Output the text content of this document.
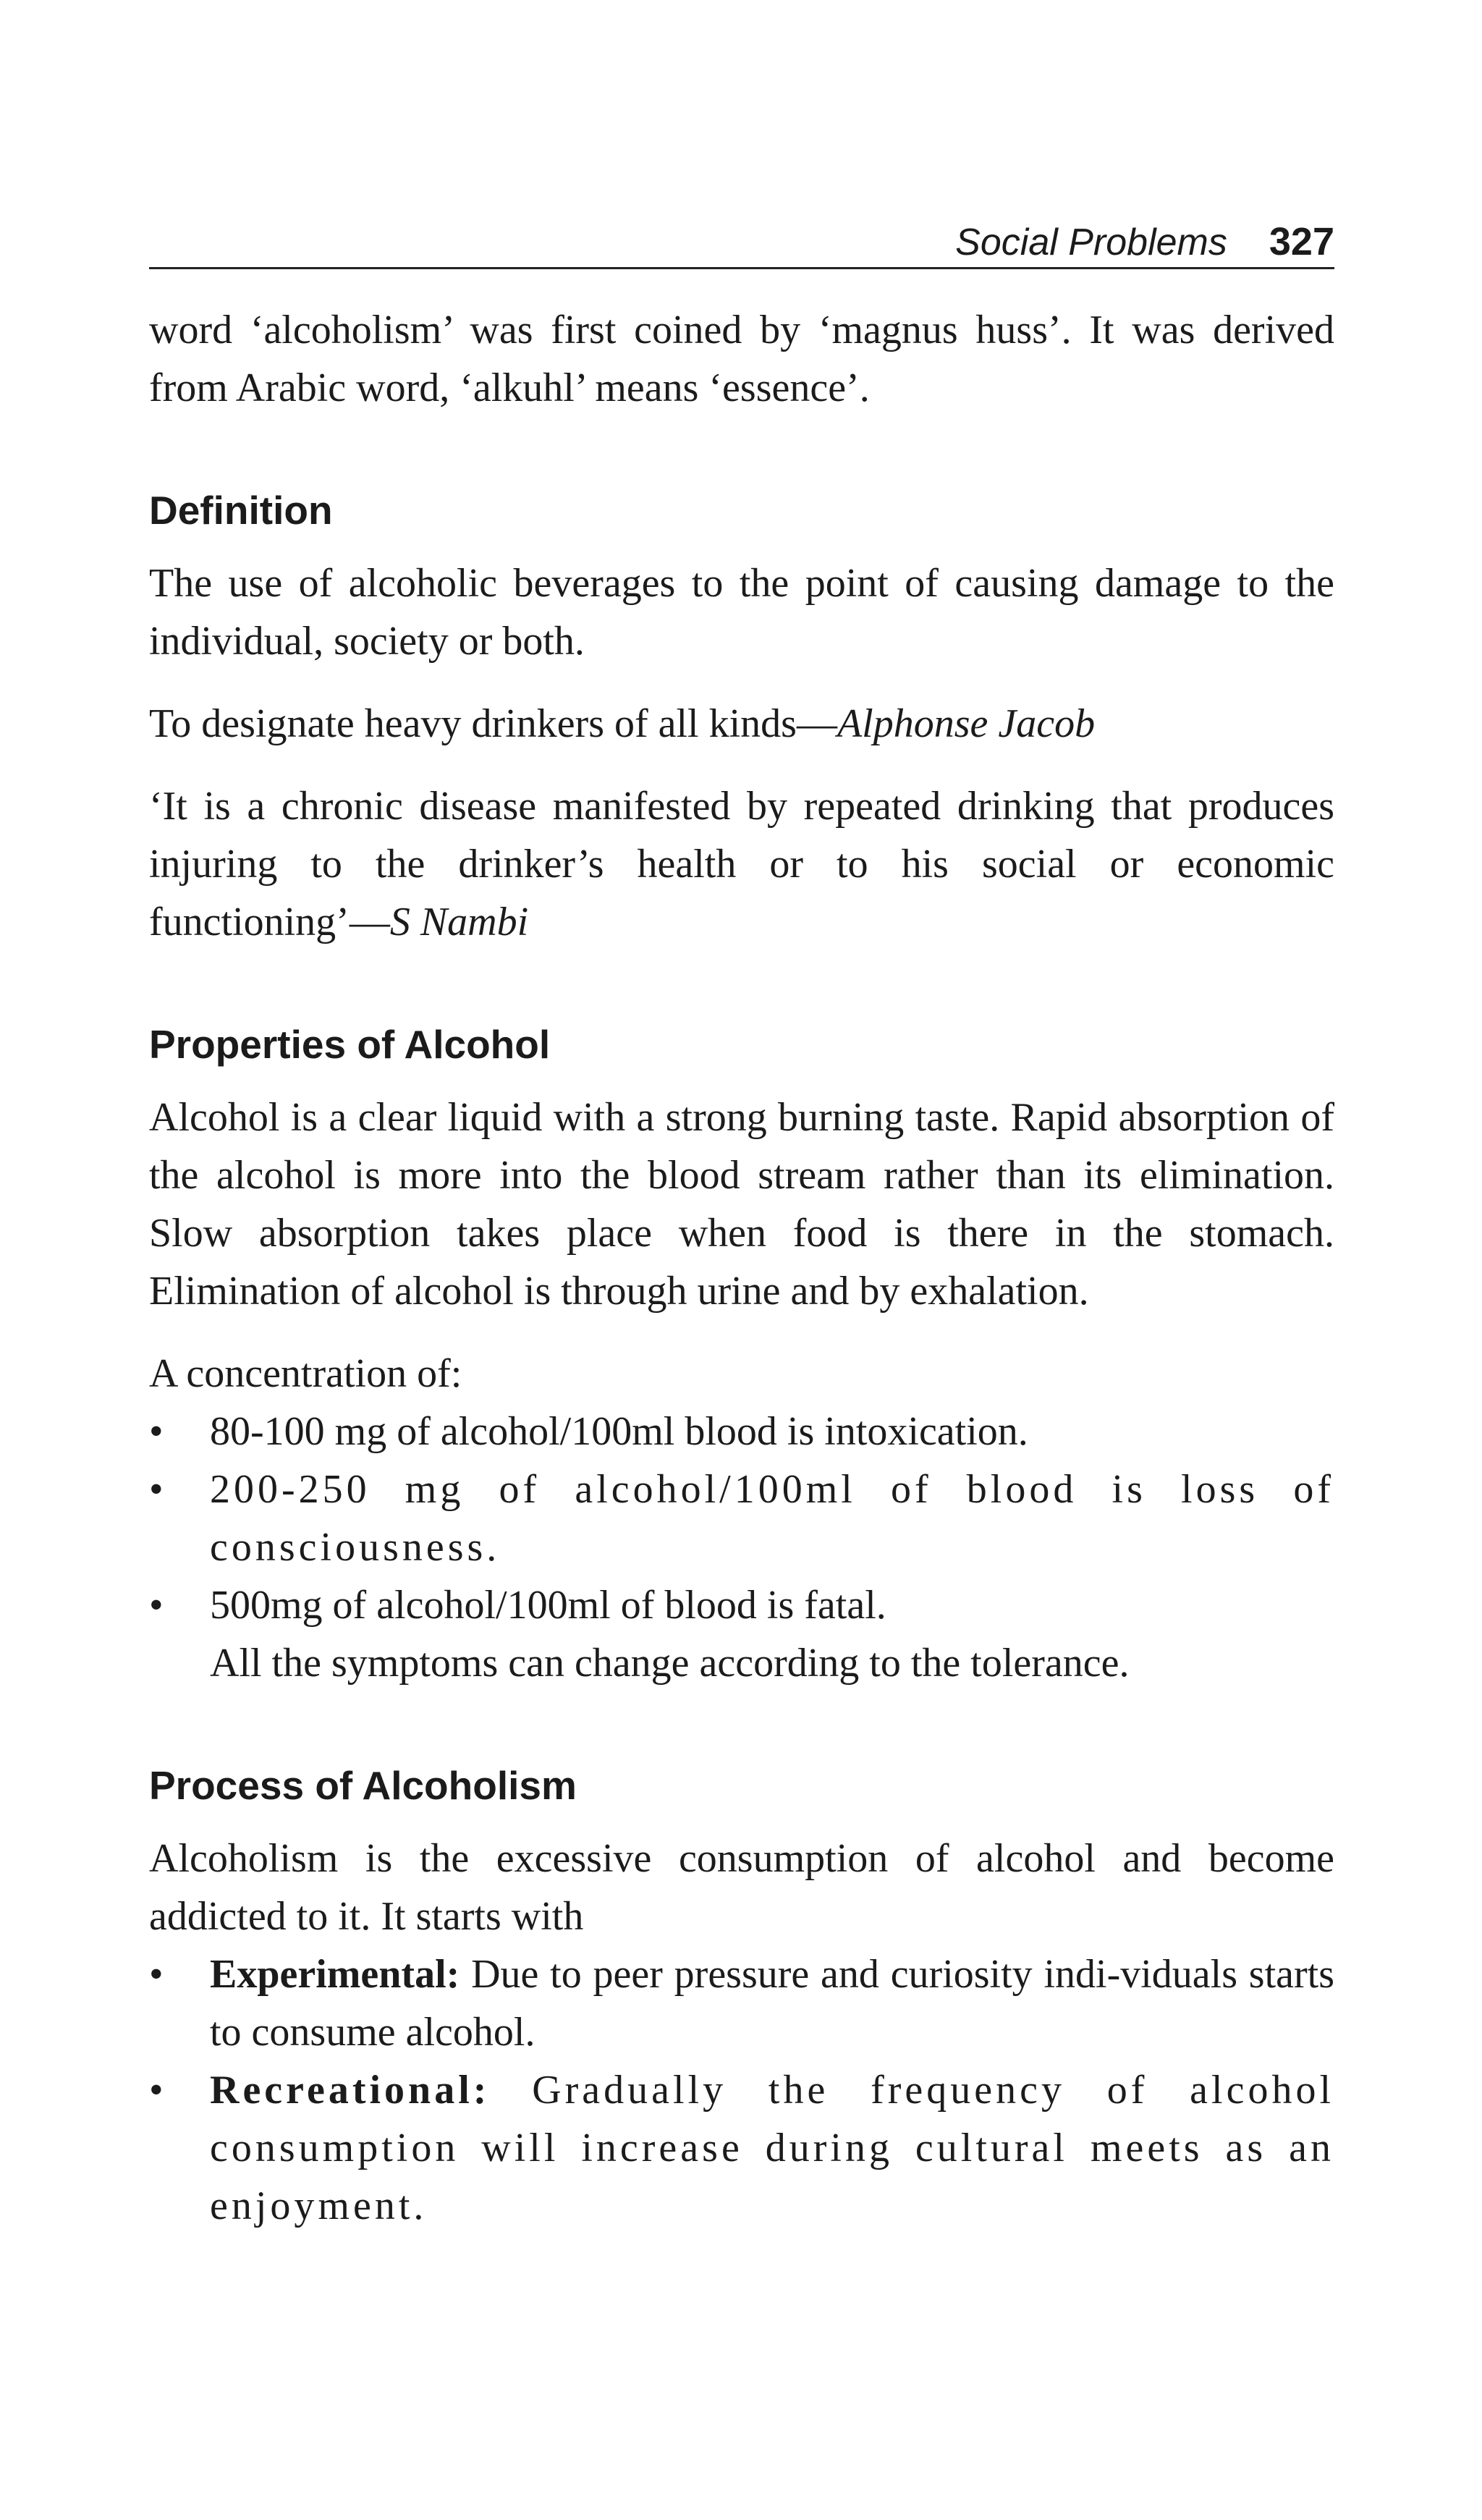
Social Problems 327

word ‘alcoholism’ was first coined by ‘magnus huss’. It was derived from Arabic word, ‘alkuhl’ means ‘essence’.

Definition

The use of alcoholic beverages to the point of causing damage to the individual, society or both.

To designate heavy drinkers of all kinds—Alphonse Jacob

‘It is a chronic disease manifested by repeated drinking that produces injuring to the drinker’s health or to his social or economic functioning’—S Nambi

Properties of Alcohol

Alcohol is a clear liquid with a strong burning taste. Rapid absorption of the alcohol is more into the blood stream rather than its elimination. Slow absorption takes place when food is there in the stomach. Elimination of alcohol is through urine and by exhalation.

A concentration of:

•	80-100 mg of alcohol/100ml blood is intoxication.
• 200-250 mg of alcohol/100ml of blood is loss of consciousness.
•	500mg of alcohol/100ml of blood is fatal.

All the symptoms can change according to the tolerance.

Process of Alcoholism

Alcoholism is the excessive consumption of alcohol and become addicted to it. It starts with

•	Experimental: Due to peer pressure and curiosity indi-viduals starts to consume alcohol.
•	Recreational: Gradually the frequency of alcohol consumption will increase during cultural meets as an enjoyment.
